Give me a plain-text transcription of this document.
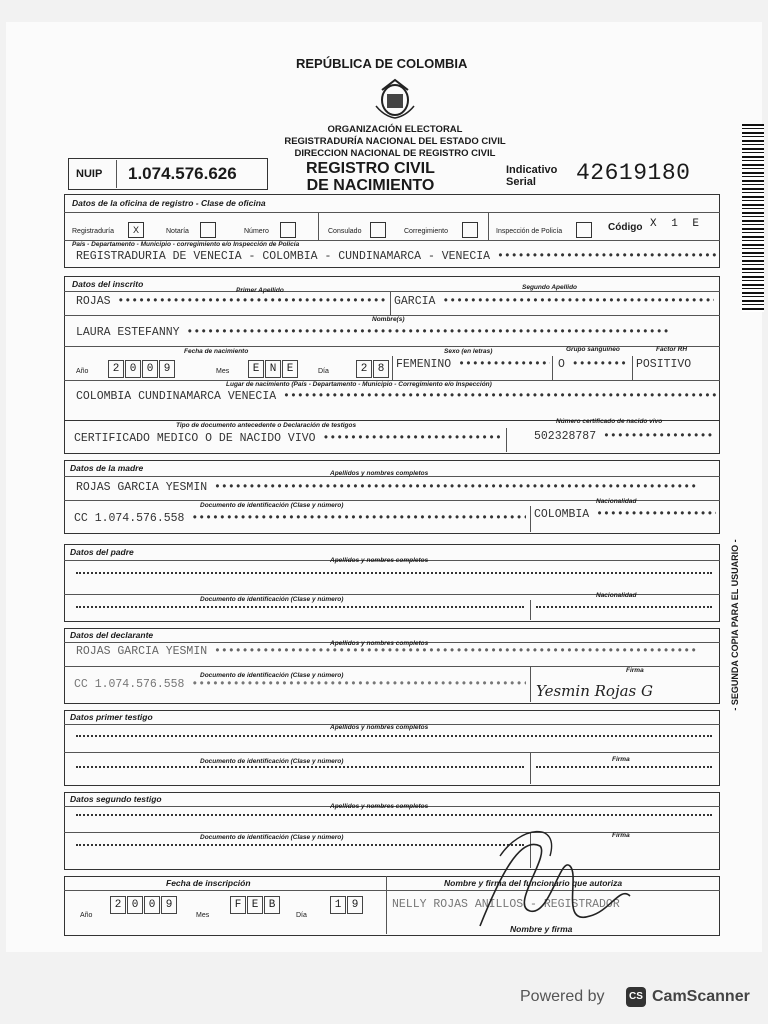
REPÚBLICA DE COLOMBIA
ORGANIZACIÓN ELECTORAL
REGISTRADURÍA NACIONAL DEL ESTADO CIVIL
DIRECCION NACIONAL DE REGISTRO CIVIL
NUIP 1.074.576.626	REGISTRO CIVIL
DE NACIMIENTO
Indicativo
Serial	42619180
Datos de la oficina de registro - Clase de oficina
Registraduría	X	Notaría	Número	Consulado	Corregimiento	Inspección de Policía	Código X 1 E
País - Departamento - Municipio - corregimiento e/o Inspección de Policía
REGISTRADURIA DE VENECIA - COLOMBIA - CUNDINAMARCA - VENECIA •••••
Datos del inscrito
Primer Apellido	Segundo Apellido
ROJAS •••••	GARCIA •••••
Nombre(s)
LAURA ESTEFANNY •••••
Fecha de nacimiento	Sexo (en letras)	Grupo sanguíneo	Factor RH
Año	2 0 0 9	Mes	E N E	Día	2 8	FEMENINO •••••	O •••••	POSITIVO
Lugar de nacimiento (País - Departamento - Municipio - Corregimiento e/o Inspección)
COLOMBIA CUNDINAMARCA VENECIA •••••
Tipo de documento antecedente o Declaración de testigos
Número certificado de nacido vivo
CERTIFICADO MEDICO O DE NACIDO VIVO •••••	502328787 •••••
Datos de la madre
Apellidos y nombres completos
ROJAS GARCIA YESMIN •••••
Documento de identificación (Clase y número)
Nacionalidad
CC 1.074.576.558 •••••	COLOMBIA •••••
Datos del padre
Apellidos y nombres completos
Documento de identificación (Clase y número)
Nacionalidad
Datos del declarante
Apellidos y nombres completos
ROJAS GARCIA YESMIN •••••
Documento de identificación (Clase y número)
Firma
CC 1.074.576.558 •••••	Yesmin Rojas G
Datos primer testigo
Apellidos y nombres completos
Documento de identificación (Clase y número)	Firma
Datos segundo testigo
Apellidos y nombres completos
Documento de identificación (Clase y número)	Firma
Fecha de inscripción	Nombre y firma del funcionario que autoriza
Año
2 0 0 9
Mes
F E B
Día
1 9	NELLY ROJAS ANILLOS - REGISTRADOR
Nombre y firma
- SEGUNDA COPIA PARA EL USUARIO -
Powered by	CS CamScanner
